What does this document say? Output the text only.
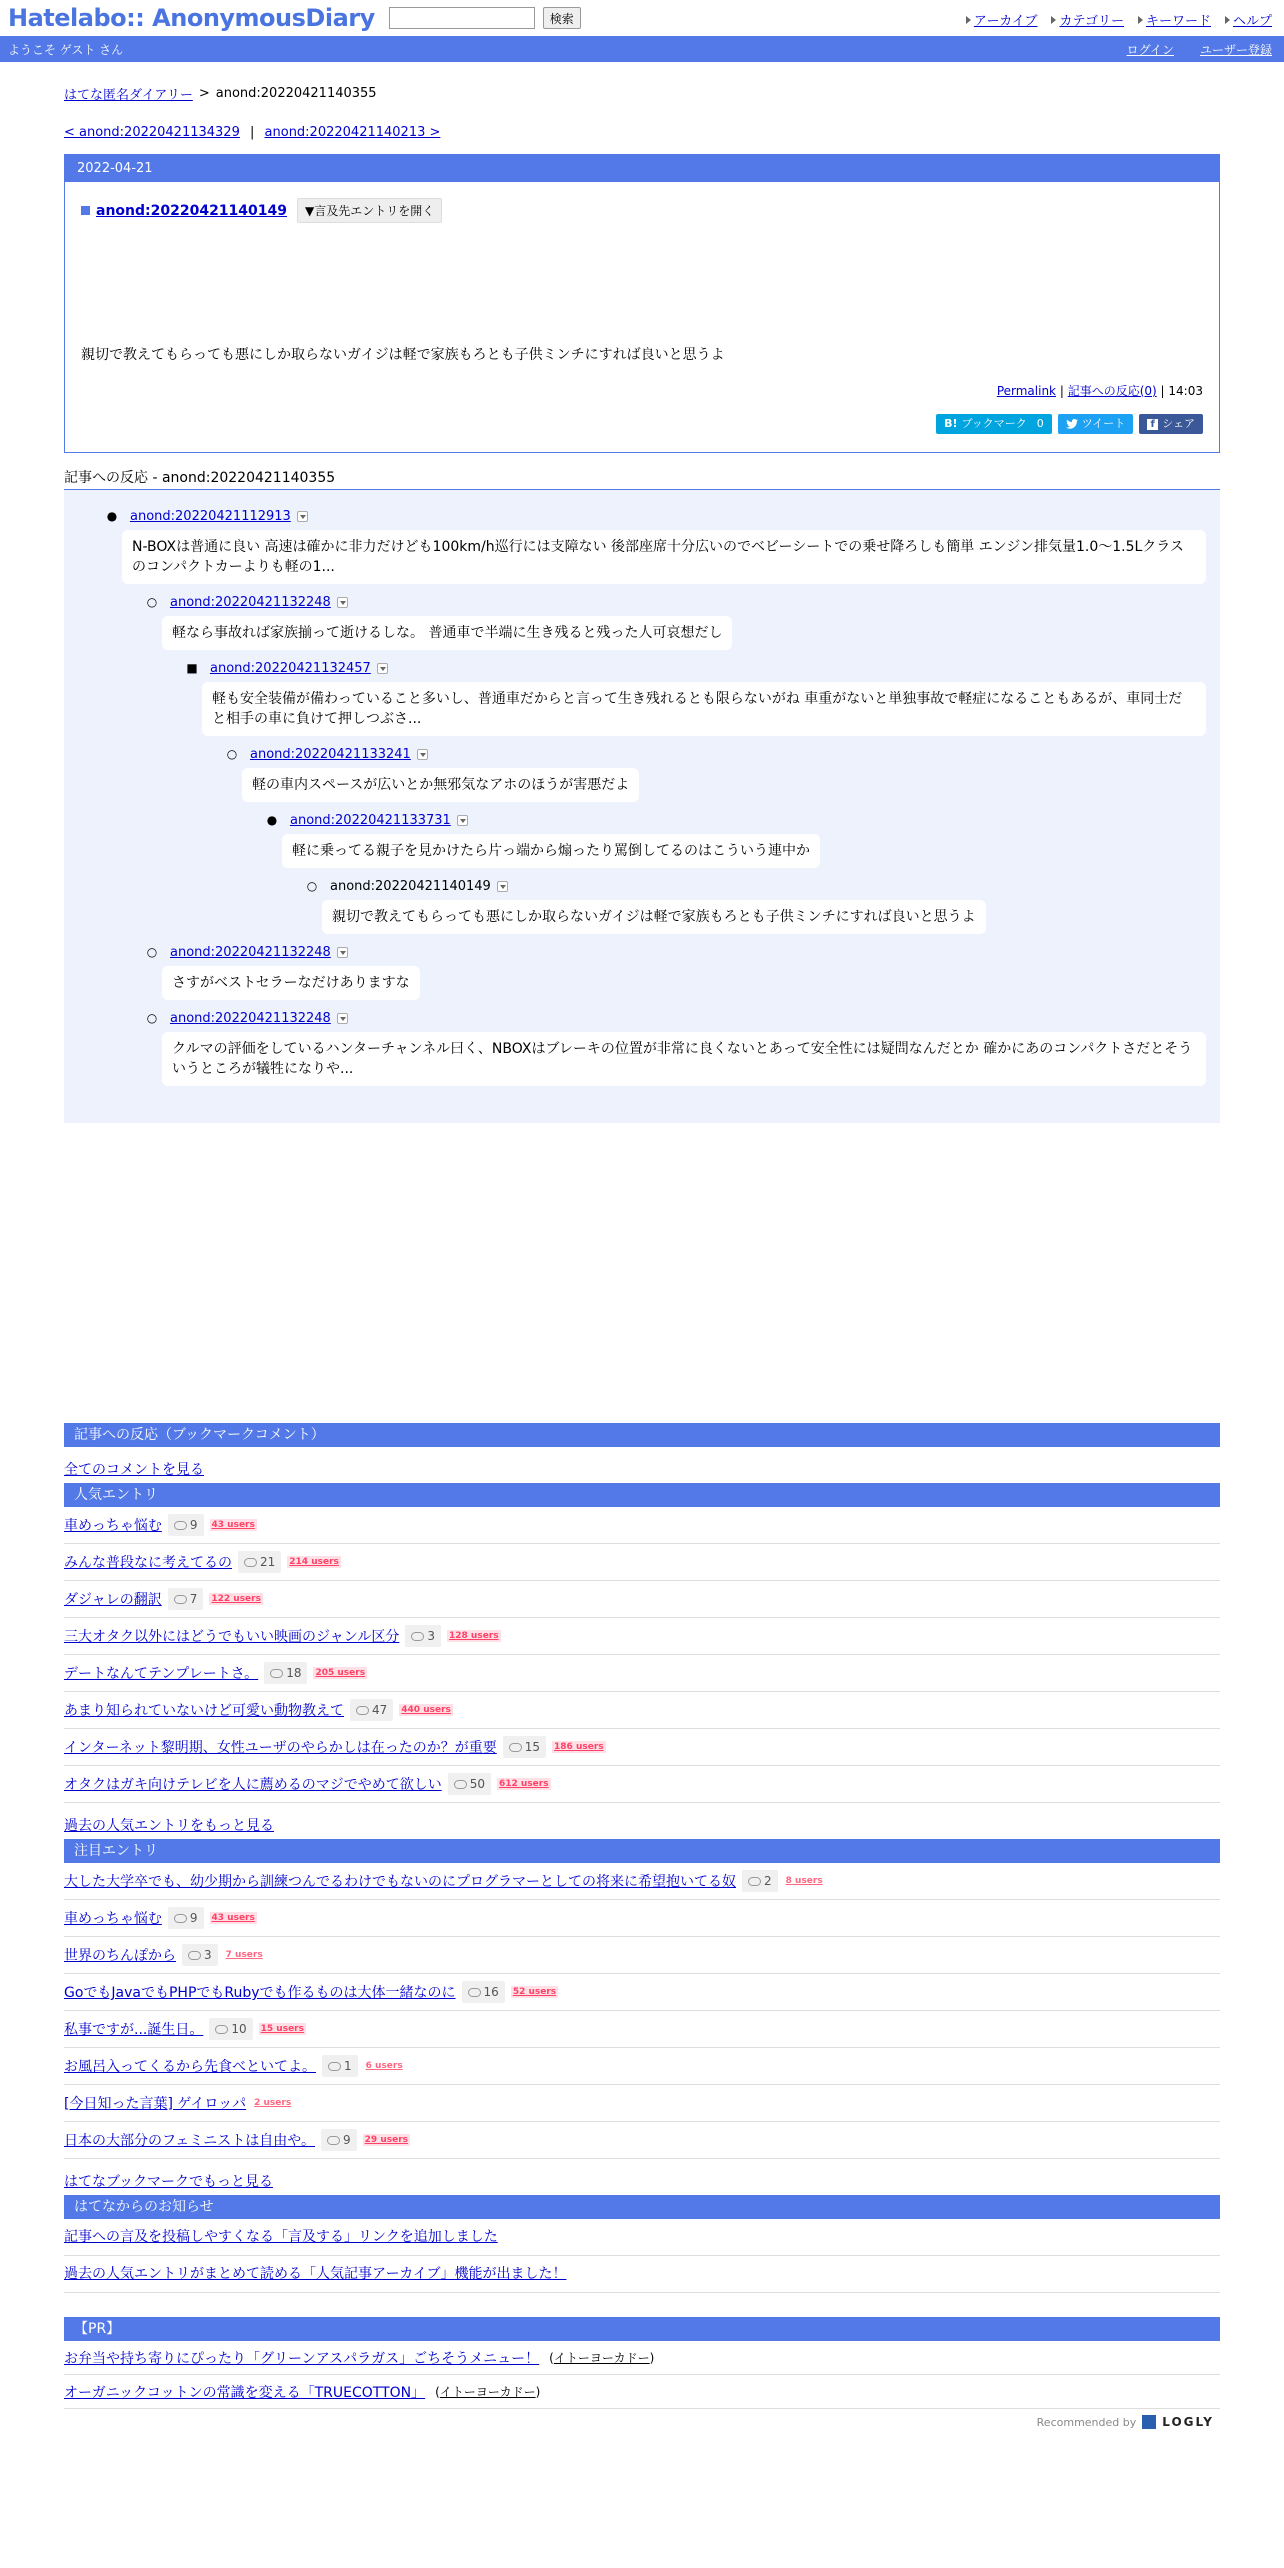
Hatelabo:: AnonymousDiary	検索	アーカイブ カテゴリー キーワード ヘルプ
ようこそ ゲスト さん	ログイン ユーザー登録
はてな匿名ダイアリー > anond:20220421140355
< anond:20220421134329 | anond:20220421140213 >
2022-04-21
anond:20220421140149	▼言及先エントリを開く
親切で教えてもらっても悪にしか取らないガイジは軽で家族もろとも子供ミンチにすれば良いと思うよ
Permalink | 記事への反応(0) | 14:03
B! ブックマーク 0	ツイート	f シェア
記事への反応 - anond:20220421140355
● anond:20220421112913
N-BOXは普通に良い 高速は確かに非力だけども100km/h巡行には支障ない 後部座席十分広いのでベビーシートでの乗せ降ろしも簡単 エンジン排気量1.0～1.5Lクラスのコンパクトカーよりも軽の1...
○ anond:20220421132248
軽なら事故れば家族揃って逝けるしな。 普通車で半端に生き残ると残った人可哀想だし
■ anond:20220421132457
軽も安全装備が備わっていること多いし、普通車だからと言って生き残れるとも限らないがね 車重がないと単独事故で軽症になることもあるが、車同士だと相手の車に負けて押しつぶさ...
○ anond:20220421133241
軽の車内スペースが広いとか無邪気なアホのほうが害悪だよ
● anond:20220421133731
軽に乗ってる親子を見かけたら片っ端から煽ったり罵倒してるのはこういう連中か
○ anond:20220421140149
親切で教えてもらっても悪にしか取らないガイジは軽で家族もろとも子供ミンチにすれば良いと思うよ
○ anond:20220421132248
さすがベストセラーなだけありますな
○ anond:20220421132248
クルマの評価をしているハンターチャンネル曰く、NBOXはブレーキの位置が非常に良くないとあって安全性には疑問なんだとか 確かにあのコンパクトさだとそういうところが犠牲になりや...
記事への反応（ブックマークコメント）
全てのコメントを見る
人気エントリ
車めっちゃ悩む 9 43 users
みんな普段なに考えてるの 21 214 users
ダジャレの翻訳 7 122 users
三大オタク以外にはどうでもいい映画のジャンル区分 3 128 users
デートなんてテンプレートさ。 18 205 users
あまり知られていないけど可愛い動物教えて 47 440 users
インターネット黎明期、女性ユーザのやらかしは在ったのか？が重要 15 186 users
オタクはガキ向けテレビを人に薦めるのマジでやめて欲しい 50 612 users
過去の人気エントリをもっと見る
注目エントリ
大した大学卒でも、幼少期から訓練つんでるわけでもないのにプログラマーとしての将来に希望抱いてる奴 2 8 users
車めっちゃ悩む 9 43 users
世界のちんぽから 3 7 users
GoでもJavaでもPHPでもRubyでも作るものは大体一緒なのに 16 52 users
私事ですが...誕生日。 10 15 users
お風呂入ってくるから先食べといてよ。 1 6 users
[今日知った言葉] ゲイロッパ 2 users
日本の大部分のフェミニストは自由や。 9 29 users
はてなブックマークでもっと見る
はてなからのお知らせ
記事への言及を投稿しやすくなる「言及する」リンクを追加しました
過去の人気エントリがまとめて読める「人気記事アーカイブ」機能が出ました！
【PR】
お弁当や持ち寄りにぴったり「グリーンアスパラガス」ごちそうメニュー！ (イトーヨーカドー)
オーガニックコットンの常識を変える「TRUECOTTON」 (イトーヨーカドー)
Recommended by LOGLY
